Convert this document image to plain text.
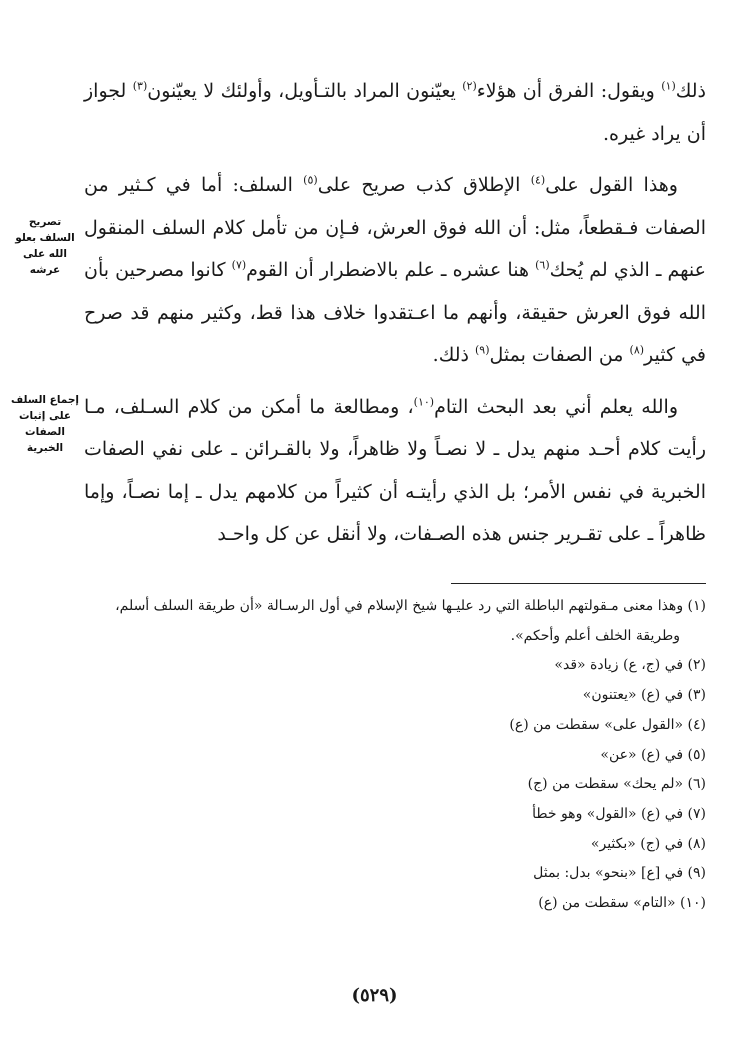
ذلك$^{(١)}$ ويقول: الفرق أن هؤلاء$^{(٢)}$ يعيّنون المراد بالتـأويل، وأولئك لا يعيّنون$^{(٣)}$ لجواز أن يراد غيره.

وهذا القول على$^{(٤)}$ الإطلاق كذب صريح على$^{(٥)}$ السلف: أما في كـثير من الصفات فـقطعاً، مثل: أن الله فوق العرش، فـإن من تأمل كلام السلف المنقول عنهم ـ الذي لم يُحك$^{(٦)}$ هنا عشره ـ علم بالاضطرار أن القوم$^{(٧)}$ كانوا مصرحين بأن الله فوق العرش حقيقة، وأنهم ما اعـتقدوا خلاف هذا قط، وكثير منهم قد صرح في كثير$^{(٨)}$ من الصفات بمثل$^{(٩)}$ ذلك.

والله يعلم أني بعد البحث التام$^{(١٠)}$، ومطالعة ما أمكن من كلام السـلف، مـا رأيت كلام أحـد منهم يدل ـ لا نصـاً ولا ظاهراً، ولا بالقـرائن ـ على نفي الصفات الخبرية في نفس الأمر؛ بل الذي رأيتـه أن كثيراً من كلامهم يدل ـ إما نصـاً، وإما ظاهراً ـ على تقـرير جنس هذه الصـفات، ولا أنقل عن كل واحـد

تصريح السلف بعلو الله على عرشه
إجماع السلف على إثبات الصفات الخبرية

(١) وهذا معنى مـقولتهم الباطلة التي رد عليـها شيخ الإسلام في أول الرسـالة «أن طريقة السلف أسلم،

وطريقة الخلف أعلم وأحكم».

(٢) في (ج، ع) زيادة «قد»

(٣) في (ع) «يعتنون»

(٤) «القول على» سقطت من (ع)

(٥) في (ع) «عن»

(٦) «لم يحك» سقطت من (ج)

(٧) في (ع) «القول» وهو خطأ

(٨) في (ج) «بكثير»

(٩) في [ع] «بنحو» بدل: بمثل

(١٠) «التام» سقطت من (ع)

(٥٢٩)
